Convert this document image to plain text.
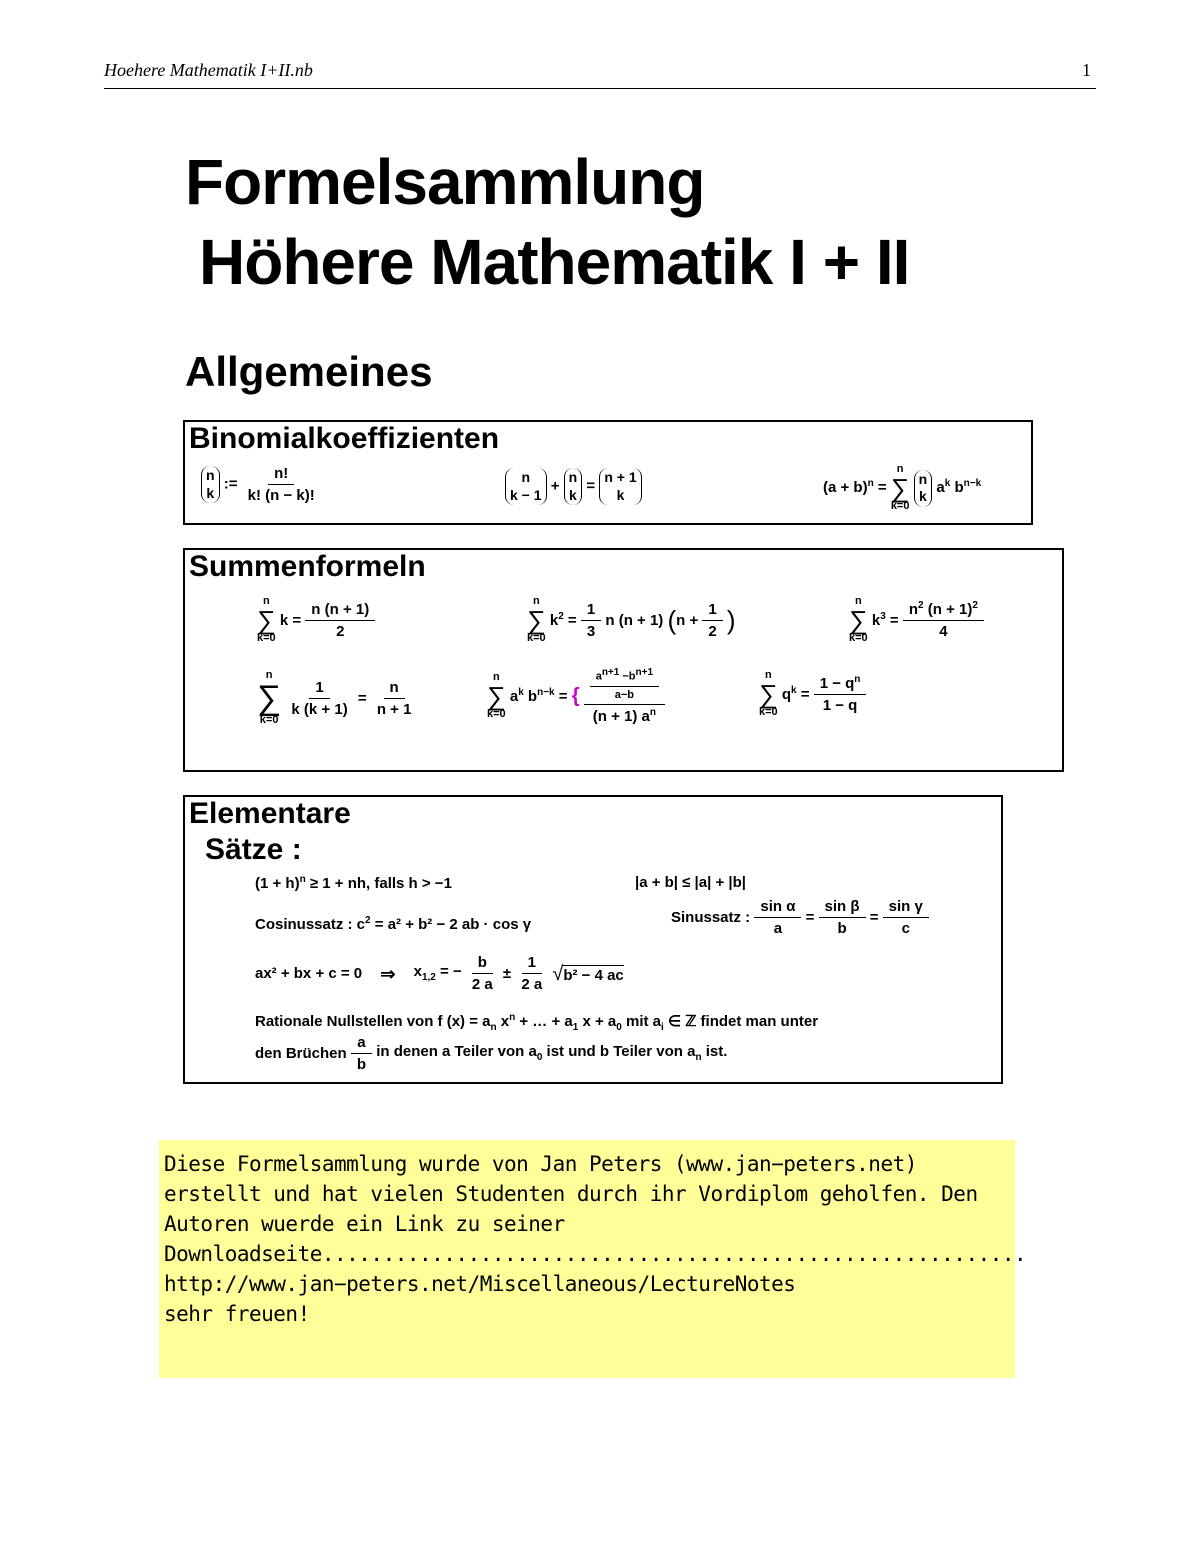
Hoehere Mathematik I+II.nb	1
Formelsammlung
Höhere Mathematik I + II
Allgemeines
Binomialkoeffizienten
n
k
:= $\frac{n!}{k! (n - k)!}$	n
k − 1
+
n
k
=
n + 1
k	$(a + b)^n$ =
n
∑
k=0

n
k
$a^k$ $b^{n-k}$
Summenformeln
n
∑
k=0
$k = \frac{n (n + 1)}{2}$
n
∑
k=0
$k^2 = \frac{1}{3}$ n (n + 1) ($n + \frac{1}{2}$ )
n
∑
k=0
$k^3 = \frac{n^2 (n + 1)^2}{4}$
n
∑
k=0

$\frac{1}{k (k + 1)} = \frac{n}{n + 1}$
n
∑
k=0
$a^k$ $b^{n-k}$ = { $\frac{\frac{a^{n+1} -b^{n+1}}{a-b}}{(n + 1) a^n}$	n
∑
k=0
$q^k = \frac{1 - q^n}{1 - q}$
Elementare
Sätze :
$(1 + h)^n \ge 1$ + nh, falls h > −1	|a + b| ≤ |a| + |b|
Cosinussatz : $c^2 = a^2 + b^2 - 2$ ab · cos γ	Sinussatz : $\frac{\text{sin α}}{a} = \frac{\text{sin β}}{b} = \frac{\text{sin γ}}{c}$
ax² + bx + c = 0 ⇒ $x_{1,2}$ = − $\frac{b}{2 a} \pm \frac{1}{2 a} √b^2 - 4$ ac
Rationale Nullstellen von f $(x) = a_n$ $x^n$ + … + $a_1$ $x + a_0$ mit $a_i$ ∈ ℤ findet man unter
den Brüchen $\frac{a}{b}$ in denen a Teiler von $a_0$ ist und b Teiler von $a_n$ ist.
Diese Formelsammlung wurde von Jan Peters (www.jan−peters.net)
erstellt und hat vielen Studenten durch ihr Vordiplom geholfen. Den
Autoren wuerde ein Link zu seiner
Downloadseite..........................................................
http://www.jan−peters.net/Miscellaneous/LectureNotes
sehr freuen!
